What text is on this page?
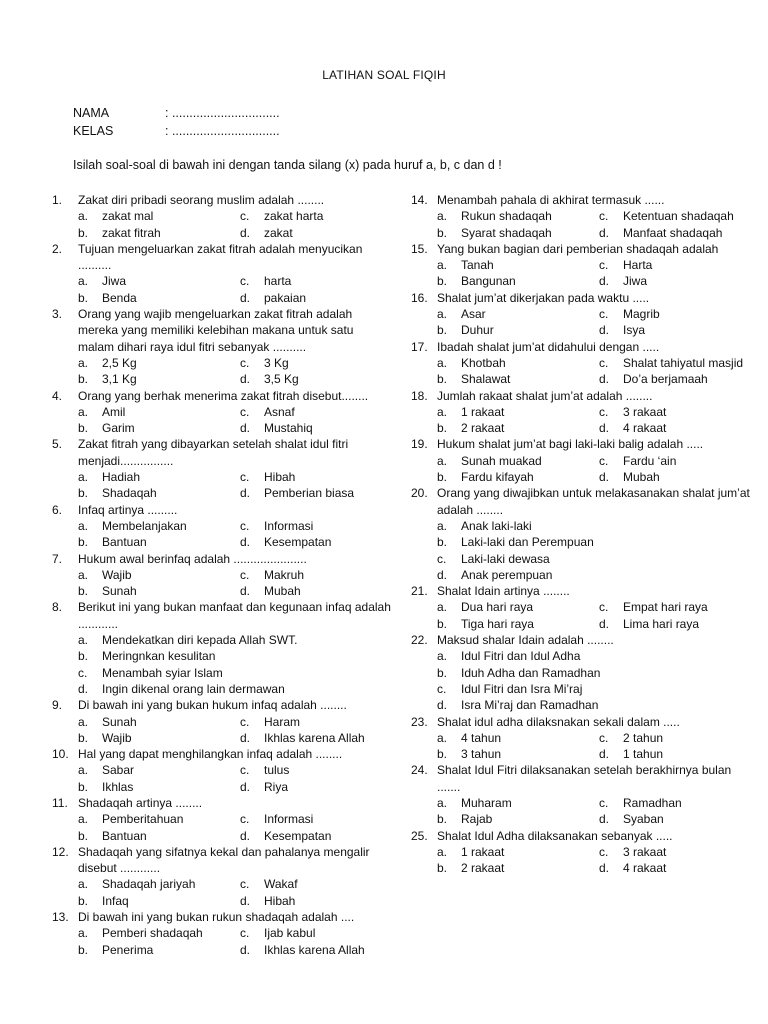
LATIHAN SOAL FIQIH
NAMA	: ...............................
KELAS	: ...............................
Isilah soal-soal di bawah ini dengan tanda silang (x) pada huruf a, b, c dan d !
1.	Zakat diri pribadi seorang muslim adalah ........
a.	zakat mal	c.	zakat harta
b.	zakat fitrah	d.	zakat
2.	Tujuan mengeluarkan zakat fitrah adalah menyucikan ..........
a.	Jiwa	c.	harta
b.	Benda	d.	pakaian
3.	Orang yang wajib mengeluarkan zakat fitrah adalah mereka yang memiliki kelebihan makana untuk satu malam dihari raya idul fitri sebanyak ..........
a.	2,5 Kg	c.	3 Kg
b.	3,1 Kg	d.	3,5 Kg
4.	Orang yang berhak menerima zakat fitrah disebut........
a.	Amil	c.	Asnaf
b.	Garim	d.	Mustahiq
5.	Zakat fitrah yang dibayarkan setelah shalat idul fitri menjadi................
a.	Hadiah	c.	Hibah
b.	Shadaqah	d.	Pemberian biasa
6.	Infaq artinya .........
a.	Membelanjakan	c.	Informasi
b.	Bantuan	d.	Kesempatan
7.	Hukum awal berinfaq adalah ......................
a.	Wajib	c.	Makruh
b.	Sunah	d.	Mubah
8.	Berikut ini yang bukan manfaat dan kegunaan infaq adalah ............
a.	Mendekatkan diri kepada Allah SWT.
b.	Meringnkan kesulitan
c.	Menambah syiar Islam
d.	Ingin dikenal orang lain dermawan
9.	Di bawah ini yang bukan hukum infaq adalah ........
a.	Sunah	c.	Haram
b.	Wajib	d.	Ikhlas karena Allah
10. Hal yang dapat menghilangkan infaq adalah ........
a.	Sabar	c.	tulus
b.	Ikhlas	d.	Riya
11. Shadaqah artinya ........
a.	Pemberitahuan	c.	Informasi
b.	Bantuan	d.	Kesempatan
12. Shadaqah yang sifatnya kekal dan pahalanya mengalir disebut ............
a.	Shadaqah jariyah	c.	Wakaf
b.	Infaq	d.	Hibah
13. Di bawah ini yang bukan rukun shadaqah adalah ....
a.	Pemberi shadaqah	c.	Ijab kabul
b.	Penerima	d.	Ikhlas karena Allah
14. Menambah pahala di akhirat termasuk ......
a.	Rukun shadaqah	c.	Ketentuan shadaqah
b.	Syarat shadaqah	d.	Manfaat shadaqah
15. Yang bukan bagian dari pemberian shadaqah adalah
a.	Tanah	c.	Harta
b.	Bangunan	d.	Jiwa
16. Shalat jum’at dikerjakan pada waktu .....
a.	Asar	c.	Magrib
b.	Duhur	d.	Isya
17. Ibadah shalat jum’at didahului dengan .....
a.	Khotbah	c.	Shalat tahiyatul masjid
b.	Shalawat	d.	Do’a berjamaah
18. Jumlah rakaat shalat jum’at adalah ........
a.	1 rakaat	c.	3 rakaat
b.	2 rakaat	d.	4 rakaat
19. Hukum shalat jum’at bagi laki-laki balig adalah .....
a.	Sunah muakad	c.	Fardu ‘ain
b.	Fardu kifayah	d.	Mubah
20. Orang yang diwajibkan untuk melakasanakan shalat jum’at adalah ........
a.	Anak laki-laki
b.	Laki-laki dan Perempuan
c.	Laki-laki dewasa
d.	Anak perempuan
21. Shalat Idain artinya ........
a.	Dua hari raya	c.	Empat hari raya
b.	Tiga hari raya	d.	Lima hari raya
22. Maksud shalar Idain adalah ........
a.	Idul Fitri dan Idul Adha
b.	Iduh Adha dan Ramadhan
c.	Idul Fitri dan Isra Mi’raj
d.	Isra Mi’raj dan Ramadhan
23. Shalat idul adha dilaksnakan sekali dalam .....
a.	4 tahun	c.	2 tahun
b.	3 tahun	d.	1 tahun
24. Shalat Idul Fitri dilaksanakan setelah berakhirnya bulan .......
a.	Muharam	c.	Ramadhan
b.	Rajab	d.	Syaban
25. Shalat Idul Adha dilaksanakan sebanyak .....
a.	1 rakaat	c.	3 rakaat
b.	2 rakaat	d.	4 rakaat
